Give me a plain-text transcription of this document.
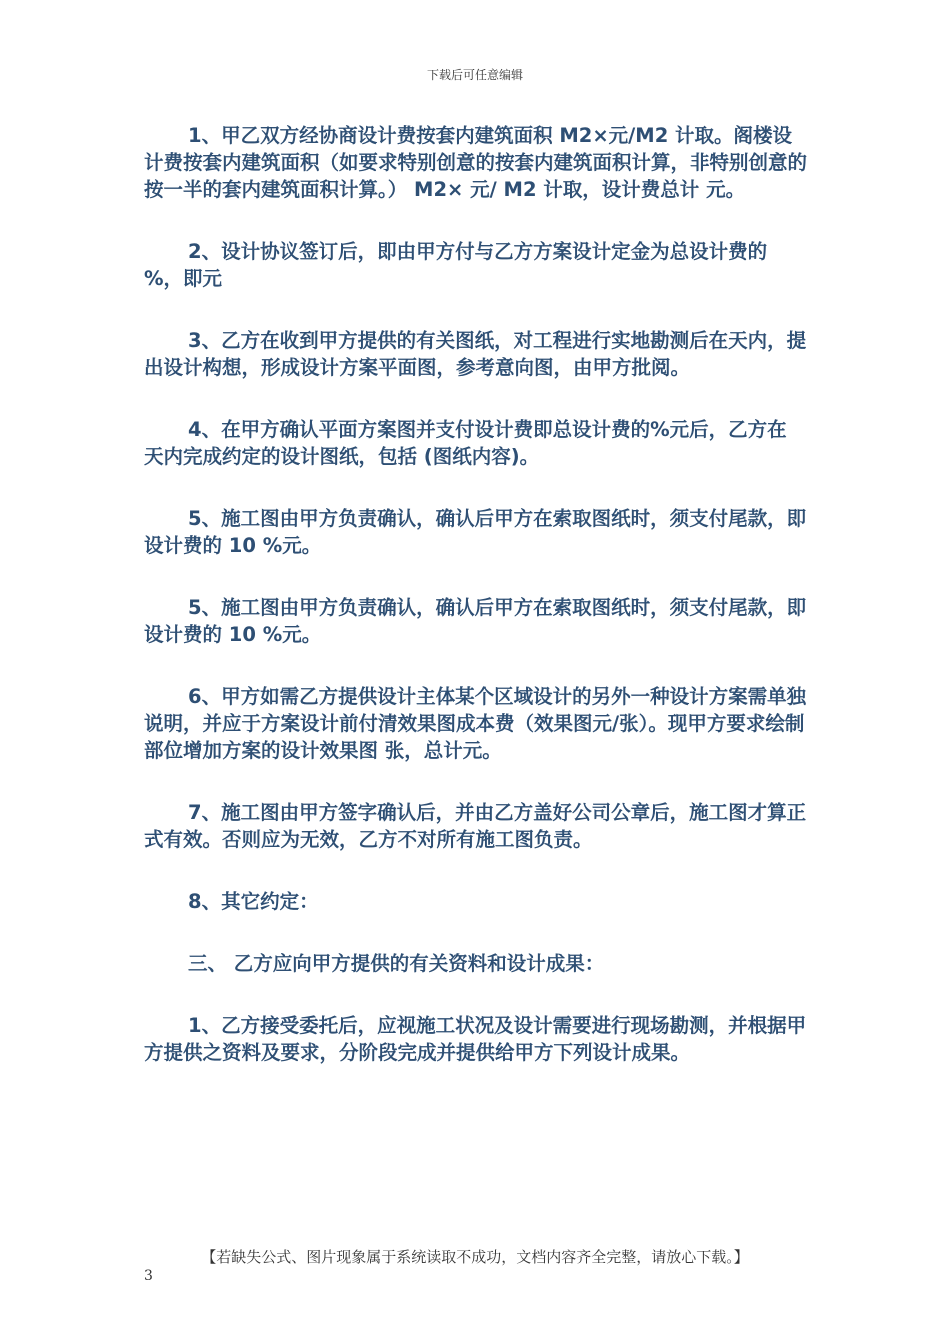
下载后可任意编辑

1、甲乙双方经协商设计费按套内建筑面积 M2×元/M2 计取。阁楼设计费按套内建筑面积（如要求特别创意的按套内建筑面积计算，非特别创意的按一半的套内建筑面积计算。） M2× 元/ M2 计取，设计费总计 元。

2、设计协议签订后，即由甲方付与乙方方案设计定金为总设计费的 %，即元

3、乙方在收到甲方提供的有关图纸，对工程进行实地勘测后在天内，提出设计构想，形成设计方案平面图，参考意向图，由甲方批阅。

4、在甲方确认平面方案图并支付设计费即总设计费的%元后，乙方在 天内完成约定的设计图纸，包括 (图纸内容)。

5、施工图由甲方负责确认，确认后甲方在索取图纸时，须支付尾款，即设计费的 10 %元。

5、施工图由甲方负责确认，确认后甲方在索取图纸时，须支付尾款，即设计费的 10 %元。

6、甲方如需乙方提供设计主体某个区域设计的另外一种设计方案需单独说明，并应于方案设计前付清效果图成本费（效果图元/张）。现甲方要求绘制部位增加方案的设计效果图 张，总计元。

7、施工图由甲方签字确认后，并由乙方盖好公司公章后，施工图才算正式有效。否则应为无效，乙方不对所有施工图负责。

8、其它约定：

三、 乙方应向甲方提供的有关资料和设计成果：

1、乙方接受委托后，应视施工状况及设计需要进行现场勘测，并根据甲方提供之资料及要求，分阶段完成并提供给甲方下列设计成果。

【若缺失公式、图片现象属于系统读取不成功，文档内容齐全完整，请放心下载。】
3
